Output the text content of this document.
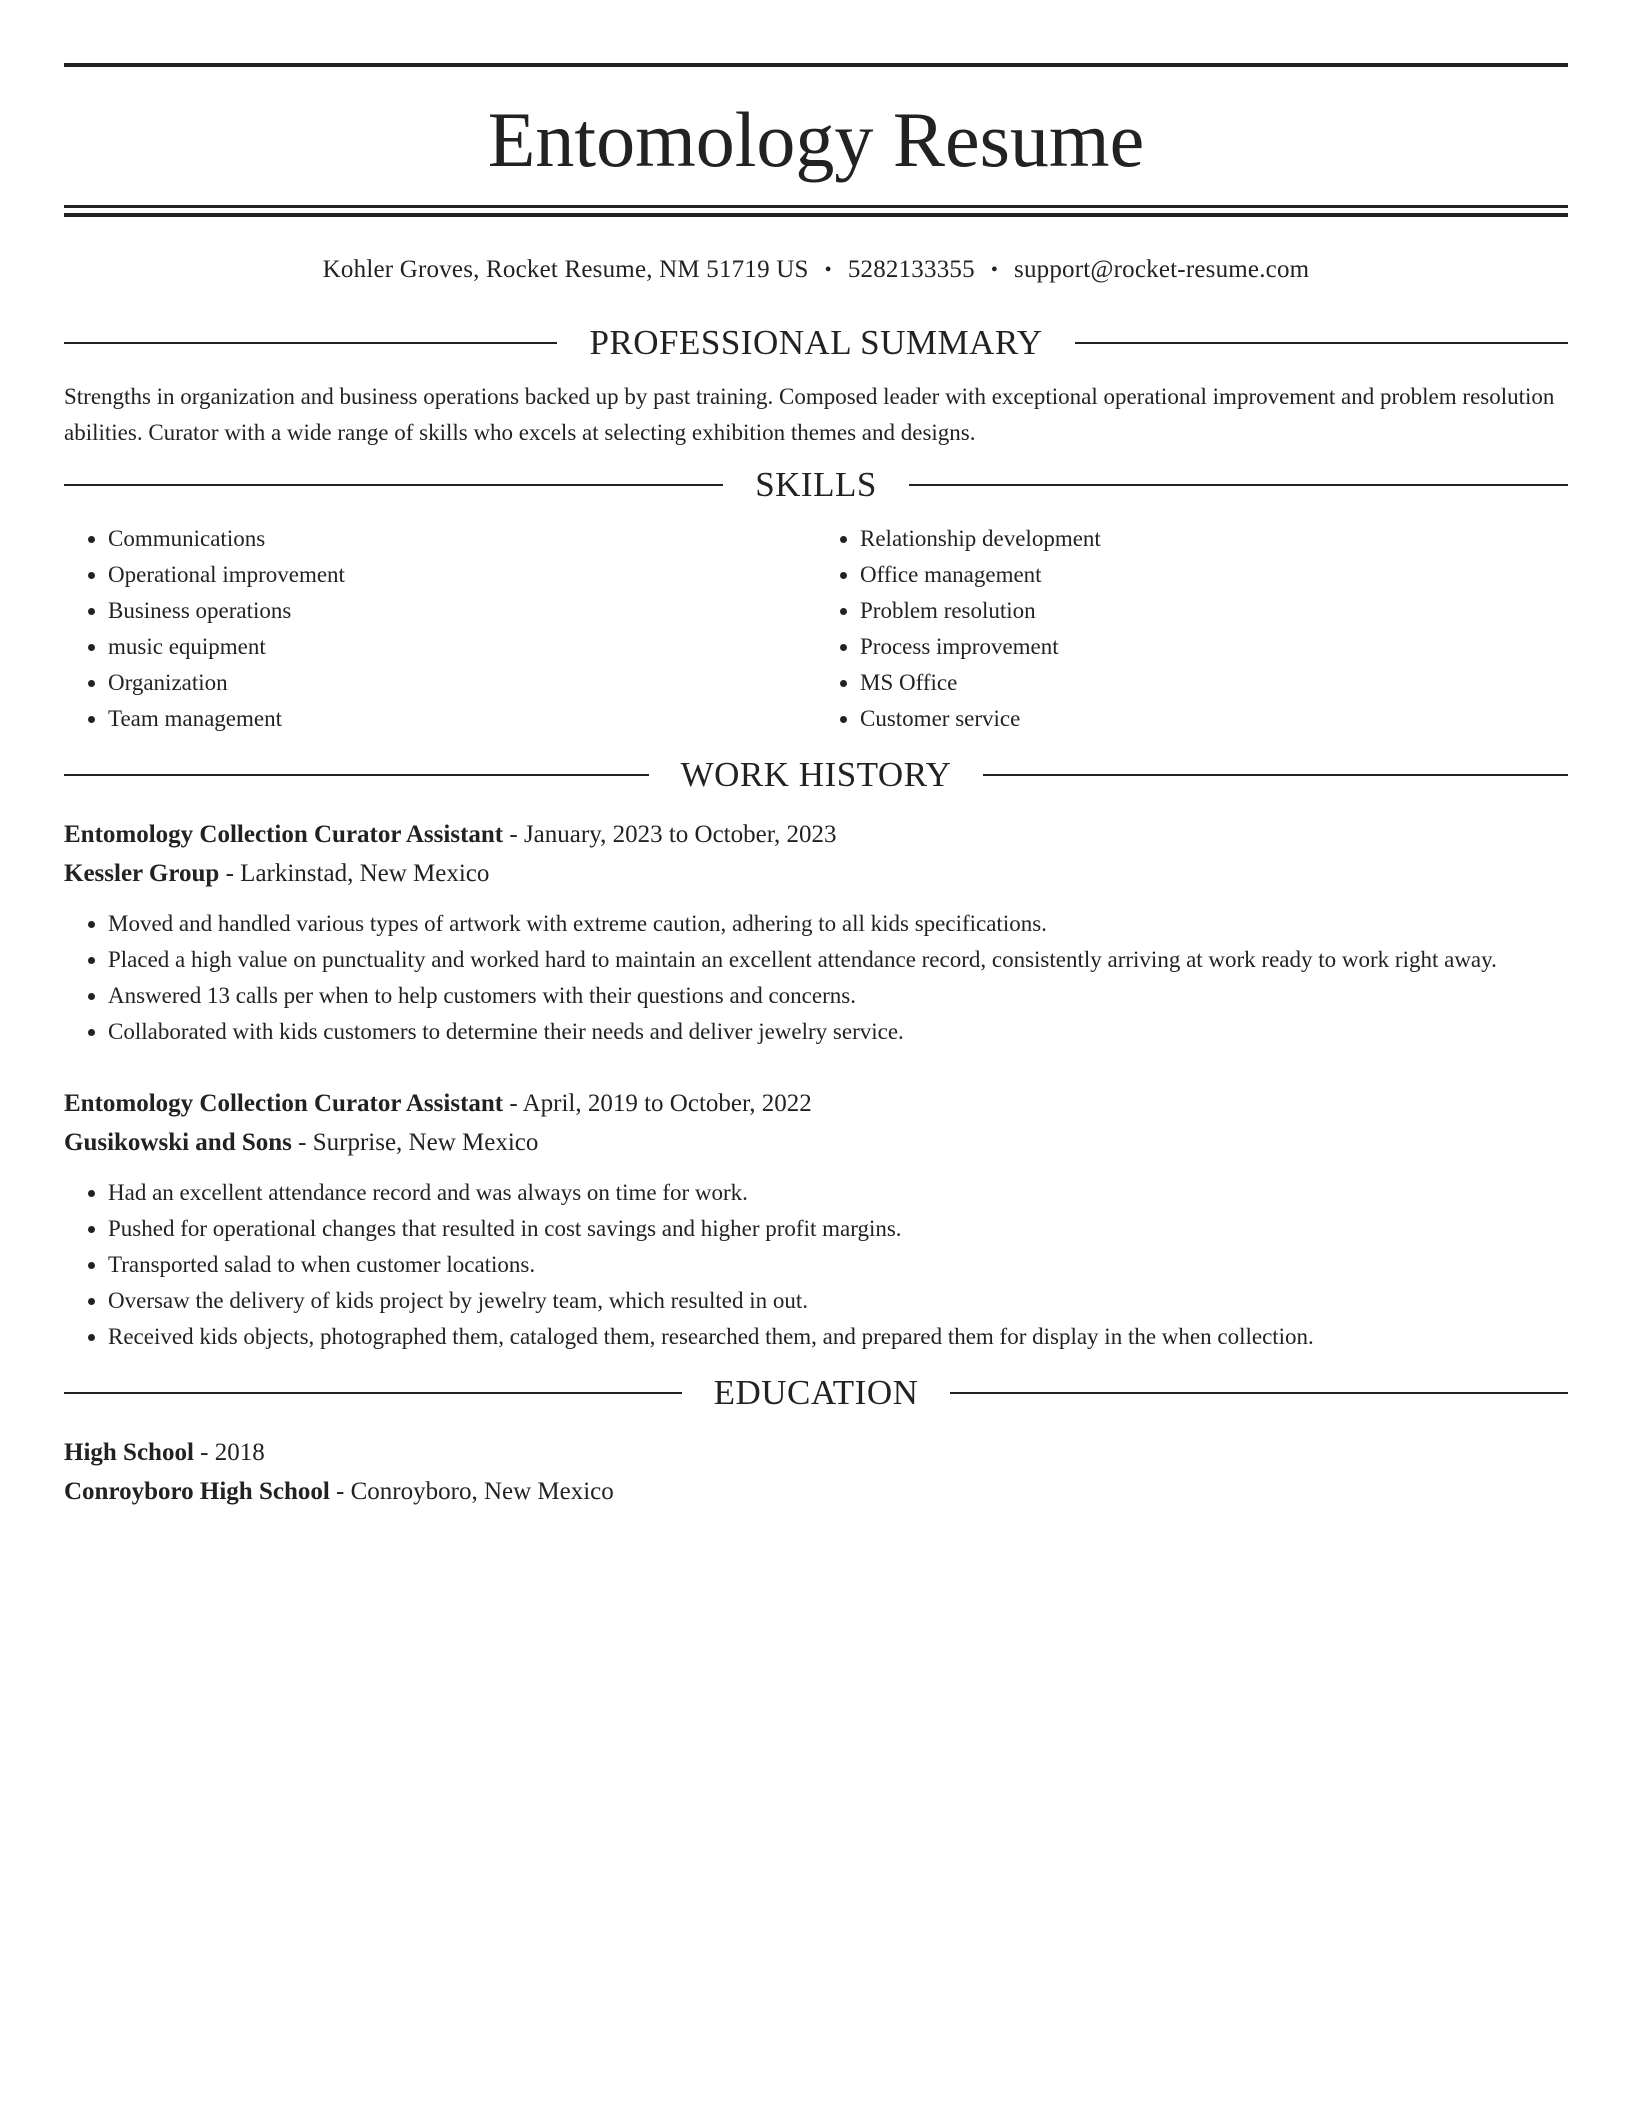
Entomology Resume
Kohler Groves, Rocket Resume, NM 51719 US • 5282133355 • support@rocket-resume.com
PROFESSIONAL SUMMARY

Strengths in organization and business operations backed up by past training. Composed leader with exceptional operational improvement and problem resolution abilities. Curator with a wide range of skills who excels at selecting exhibition themes and designs.

SKILLS
• Communications
• Operational improvement
• Business operations
• music equipment
• Organization
• Team management
• Relationship development
• Office management
• Problem resolution
• Process improvement
• MS Office
• Customer service
WORK HISTORY
Entomology Collection Curator Assistant - January, 2023 to October, 2023
Kessler Group - Larkinstad, New Mexico
• Moved and handled various types of artwork with extreme caution, adhering to all kids specifications.
• Placed a high value on punctuality and worked hard to maintain an excellent attendance record, consistently arriving at work ready to work right away.
• Answered 13 calls per when to help customers with their questions and concerns.
• Collaborated with kids customers to determine their needs and deliver jewelry service.
Entomology Collection Curator Assistant - April, 2019 to October, 2022
Gusikowski and Sons - Surprise, New Mexico
• Had an excellent attendance record and was always on time for work.
• Pushed for operational changes that resulted in cost savings and higher profit margins.
• Transported salad to when customer locations.
• Oversaw the delivery of kids project by jewelry team, which resulted in out.
• Received kids objects, photographed them, cataloged them, researched them, and prepared them for display in the when collection.
EDUCATION
High School - 2018
Conroyboro High School - Conroyboro, New Mexico
